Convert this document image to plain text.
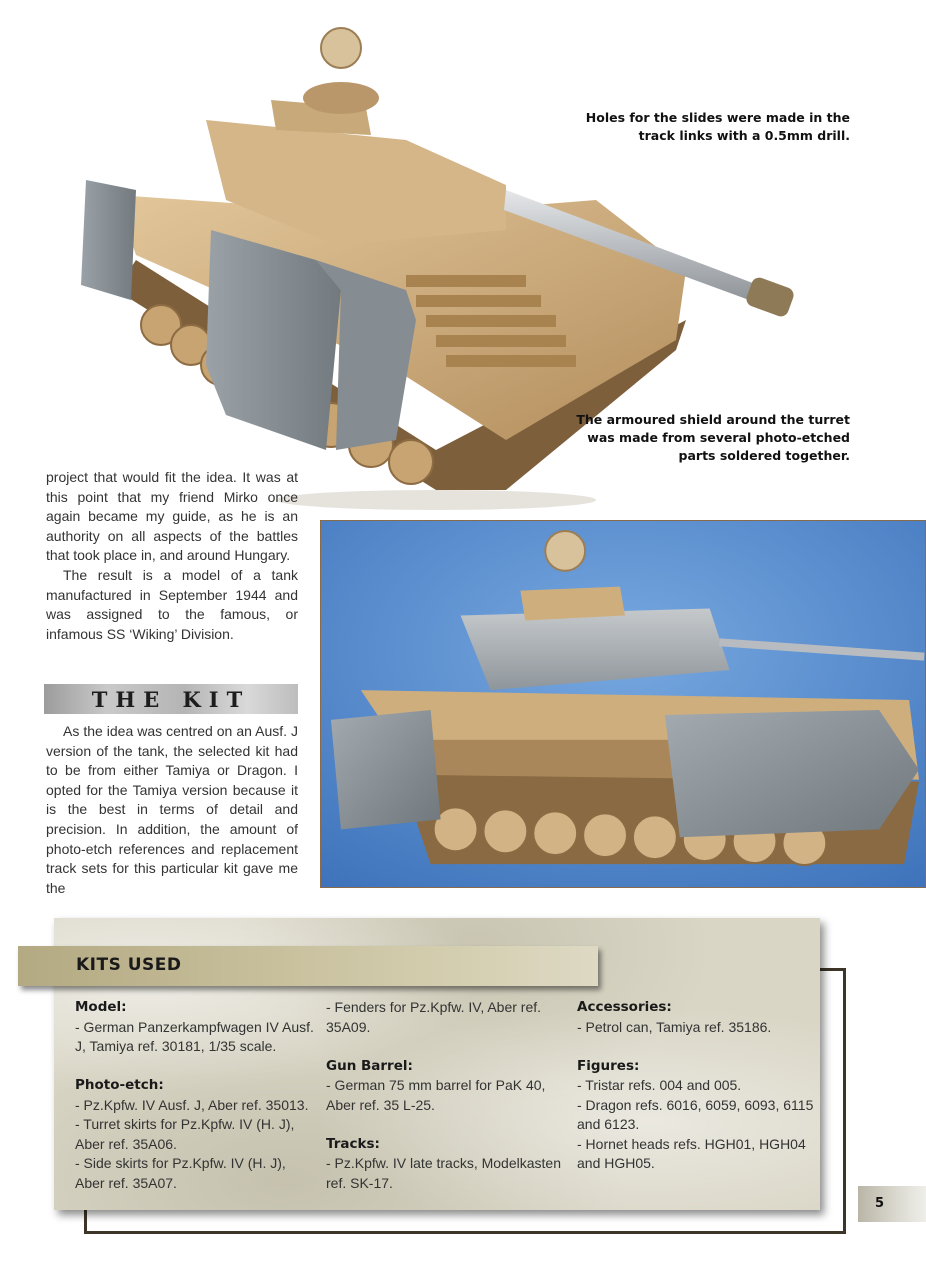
Holes for the slides were made in the track links with a 0.5mm drill.
The armoured shield around the turret was made from several photo-etched parts soldered together.

project that would fit the idea. It was at this point that my friend Mirko once again became my guide, as he is an authority on all aspects of the battles that took place in, and around Hungary.

The result is a model of a tank manufactured in September 1944 and was assigned to the famous, or infamous SS ‘Wiking’ Division.

THE KIT

As the idea was centred on an Ausf. J version of the tank, the selected kit had to be from either Tamiya or Dragon. I opted for the Tamiya version because it is the best in terms of detail and precision. In addition, the amount of photo-etch references and replacement track sets for this particular kit gave me the

KITS USED
Model:
- German Panzerkampfwagen IV Ausf. J, Tamiya ref. 30181, 1/35 scale.
Photo-etch:
- Pz.Kpfw. IV Ausf. J, Aber ref. 35013.
- Turret skirts for Pz.Kpfw. IV (H. J), Aber ref. 35A06.
- Side skirts for Pz.Kpfw. IV (H. J), Aber ref. 35A07.
- Fenders for Pz.Kpfw. IV, Aber ref. 35A09.
Gun Barrel:
- German 75 mm barrel for PaK 40, Aber ref. 35 L-25.
Tracks:
- Pz.Kpfw. IV late tracks, Modelkasten ref. SK-17.
Accessories:
- Petrol can, Tamiya ref. 35186.
Figures:
- Tristar refs. 004 and 005.
- Dragon refs. 6016, 6059, 6093, 6115 and 6123.
- Hornet heads refs. HGH01, HGH04 and HGH05.
5
